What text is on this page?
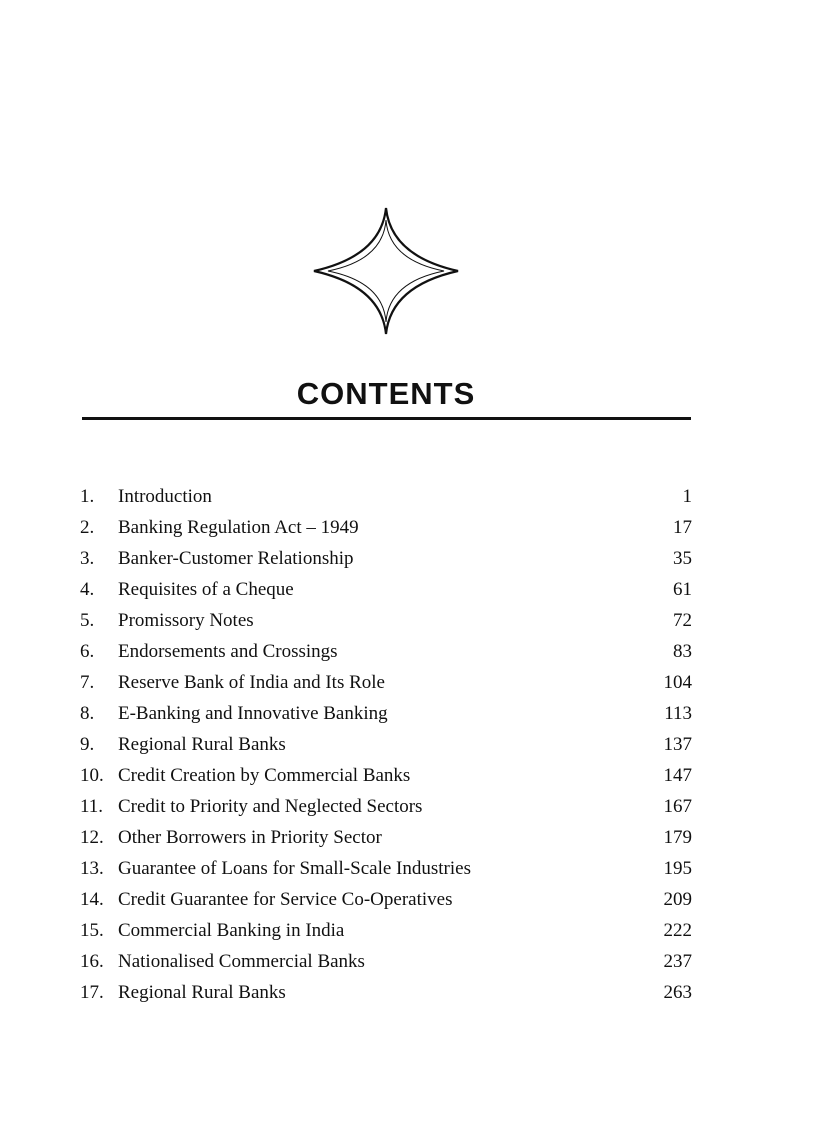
CONTENTS
1.	Introduction	1
2.	Banking Regulation Act – 1949	17
3.	Banker-Customer Relationship	35
4.	Requisites of a Cheque	61
5.	Promissory Notes	72
6.	Endorsements and Crossings	83
7.	Reserve Bank of India and Its Role	104
8.	E-Banking and Innovative Banking	113
9.	Regional Rural Banks	137
10. Credit Creation by Commercial Banks	147
11. Credit to Priority and Neglected Sectors	167
12. Other Borrowers in Priority Sector	179
13. Guarantee of Loans for Small-Scale Industries	195
14. Credit Guarantee for Service Co-Operatives	209
15. Commercial Banking in India	222
16. Nationalised Commercial Banks	237
17. Regional Rural Banks	263
